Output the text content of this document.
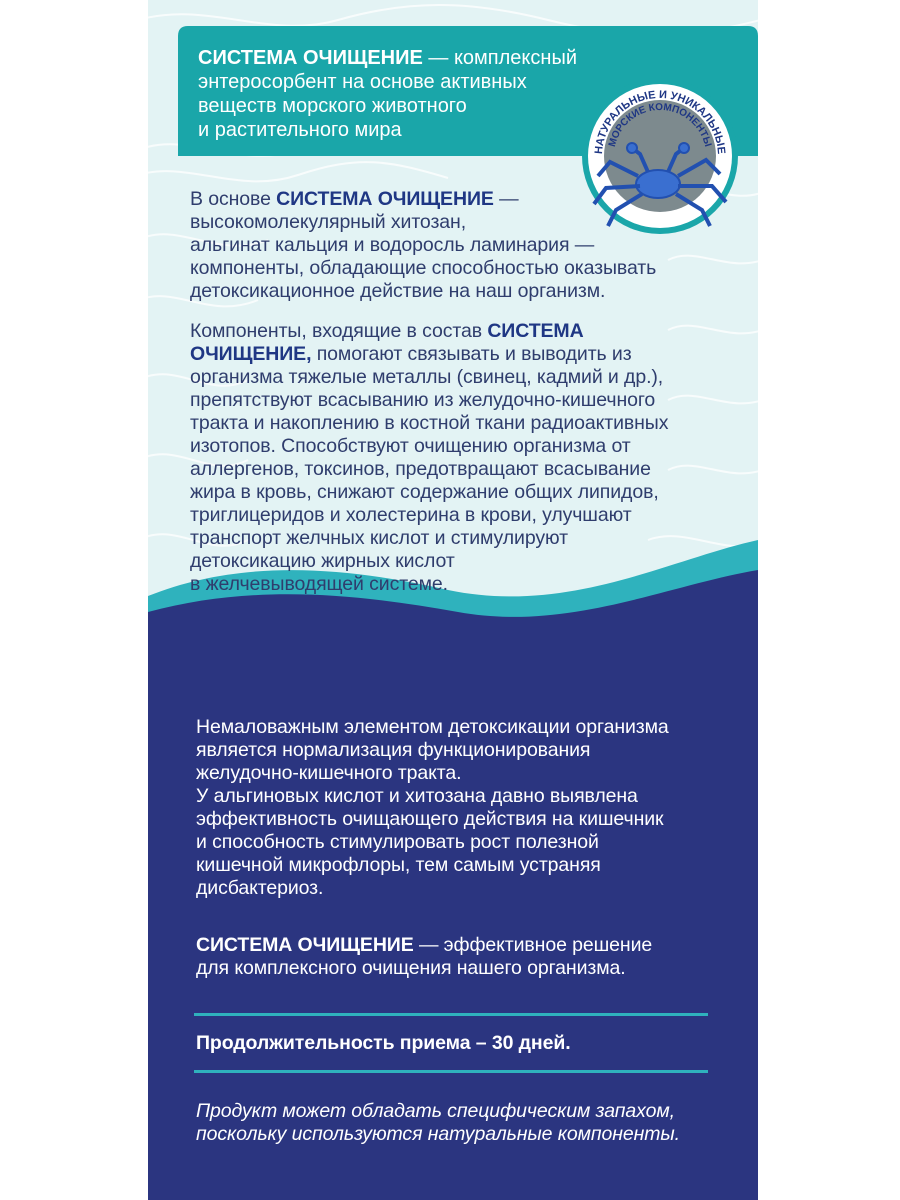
СИСТЕМА ОЧИЩЕНИЕ — комплексный
энтеросорбент на основе активных
веществ морского животного
и растительного мира
В основе СИСТЕМА ОЧИЩЕНИЕ —
высокомолекулярный хитозан,
альгинат кальция и водоросль ламинария —
компоненты, обладающие способностью оказывать
детоксикационное действие на наш организм.
Компоненты, входящие в состав СИСТЕМА
ОЧИЩЕНИЕ, помогают связывать и выводить из
организма тяжелые металлы (свинец, кадмий и др.),
препятствуют всасыванию из желудочно-кишечного
тракта и накоплению в костной ткани радиоактивных
изотопов. Способствуют очищению организма от
аллергенов, токсинов, предотвращают всасывание
жира в кровь, снижают содержание общих липидов,
триглицеридов и холестерина в крови, улучшают
транспорт желчных кислот и стимулируют
детоксикацию жирных кислот
в желчевыводящей системе.
Немаловажным элементом детоксикации организма
является нормализация функционирования
желудочно-кишечного тракта.
У альгиновых кислот и хитозана давно выявлена
эффективность очищающего действия на кишечник
и способность стимулировать рост полезной
кишечной микрофлоры, тем самым устраняя
дисбактериоз.
СИСТЕМА ОЧИЩЕНИЕ — эффективное решение
для комплексного очищения нашего организма.
Продолжительность приема – 30 дней.
Продукт может обладать специфическим запахом,
поскольку используются натуральные компоненты.
НАТУРАЛЬНЫЕ И УНИКАЛЬНЫЕ
МОРСКИЕ КОМПОНЕНТЫ
